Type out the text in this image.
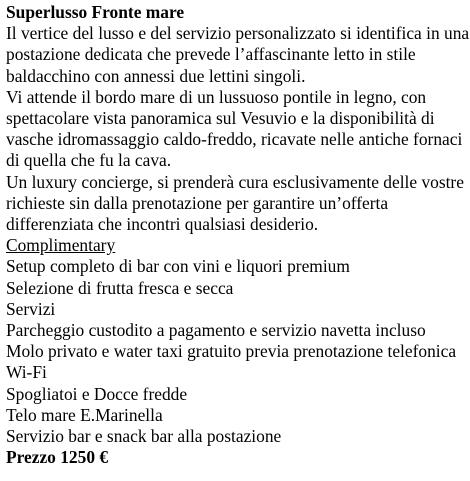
Superlusso Fronte mare
Il vertice del lusso e del servizio personalizzato si identifica in una
postazione dedicata che prevede l’affascinante letto in stile
baldacchino con annessi due lettini singoli.
Vi attende il bordo mare di un lussuoso pontile in legno, con
spettacolare vista panoramica sul Vesuvio e la disponibilità di
vasche idromassaggio caldo-freddo, ricavate nelle antiche fornaci
di quella che fu la cava.
Un luxury concierge, si prenderà cura esclusivamente delle vostre
richieste sin dalla prenotazione per garantire un’offerta
differenziata che incontri qualsiasi desiderio.
Complimentary
Setup completo di bar con vini e liquori premium
Selezione di frutta fresca e secca
Servizi
Parcheggio custodito a pagamento e servizio navetta incluso
Molo privato e water taxi gratuito previa prenotazione telefonica
Wi-Fi
Spogliatoi e Docce fredde
Telo mare E.Marinella
Servizio bar e snack bar alla postazione
Prezzo 1250 €
